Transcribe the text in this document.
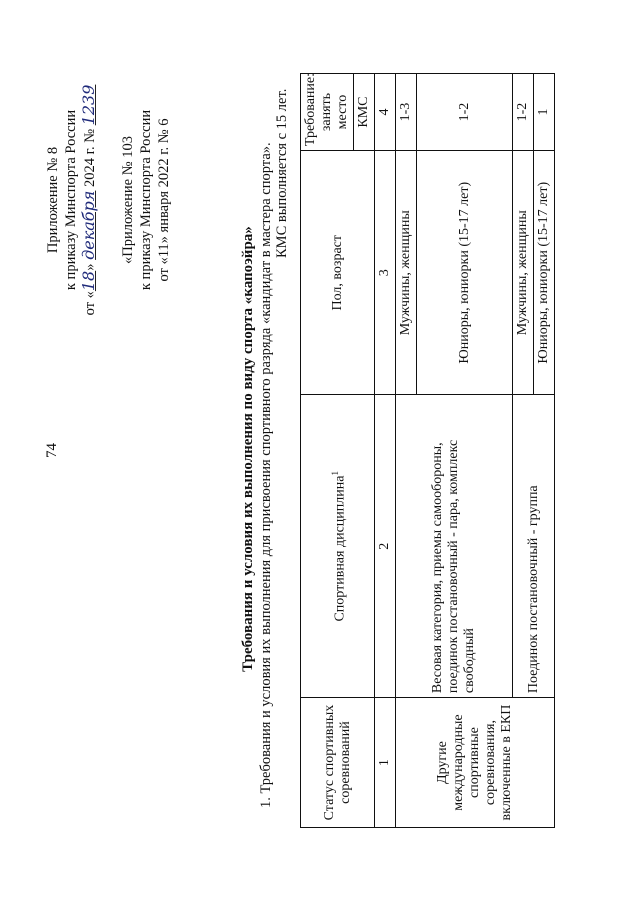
74
Приложение № 8 к приказу Минспорта России
от «18» декабря 2024 г. № 1239
«Приложение № 103 к приказу Минспорта России от «11» января 2022 г. № 6
Требования и условия их выполнения по виду спорта «капоэйра» 1. Требования и условия их выполнения для присвоения спортивного разряда «кандидат в мастера спорта». КМС выполняется с 15 лет.
Статус спортивных соревнований	Спортивная дисциплина$^1$	Пол, возраст	Требование: занять место
			КМС
1	2	3	4
Другие международные спортивные соревнования, включенные в ЕКП	Весовая категория, приемы самообороны, поединок постановочный - пара, комплекс свободный	Мужчины, женщины	1-3
		Юниоры, юниорки (15-17 лет)	1-2
	Поединок постановочный - группа	Мужчины, женщины	1-2
		Юниоры, юниорки (15-17 лет)	1
